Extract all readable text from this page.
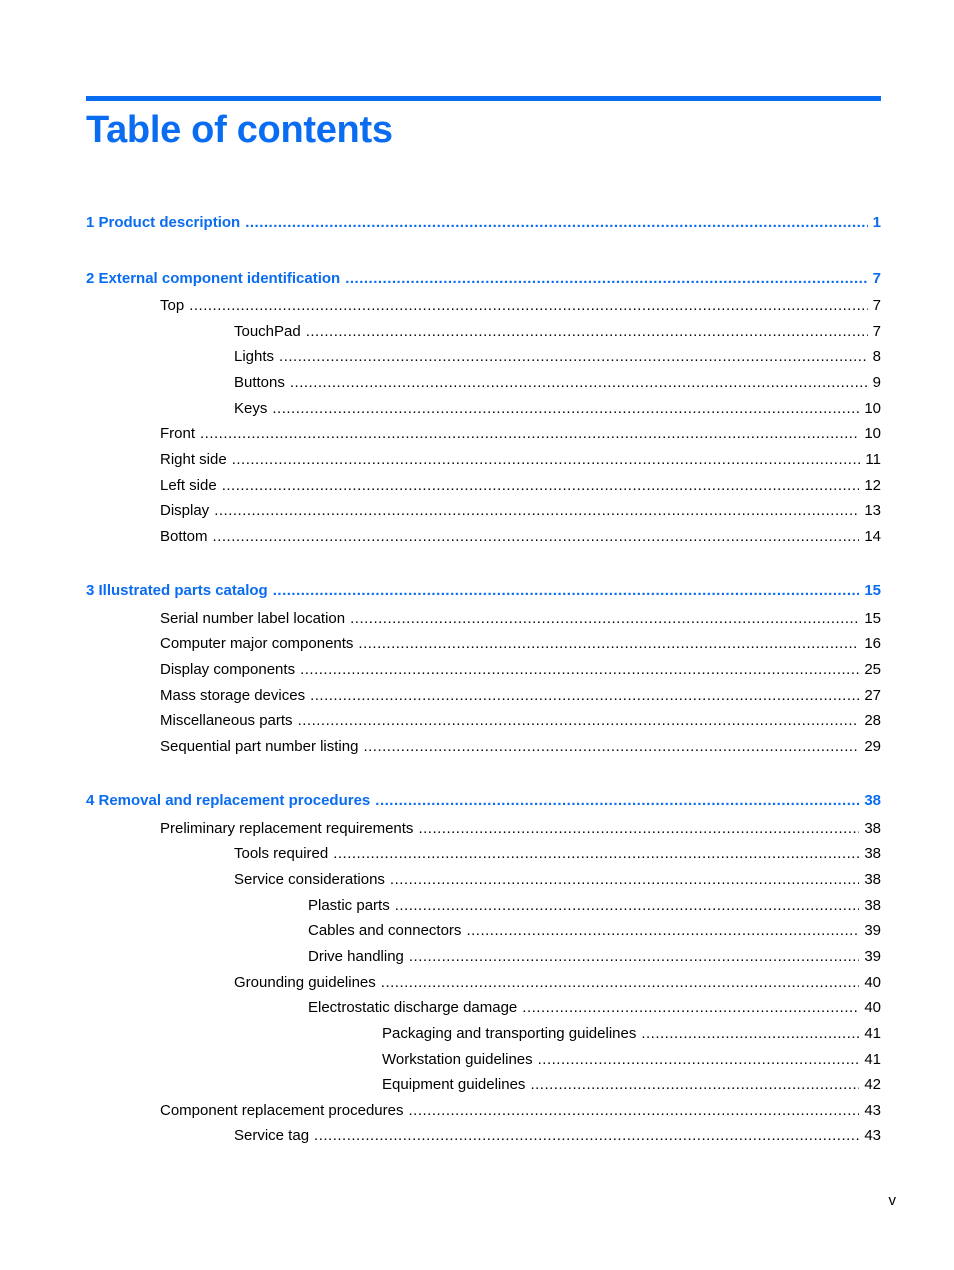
Table of contents
1 Product description .....	1
2 External component identification .....	7
Top .....	7
TouchPad .....	7
Lights .....	8
Buttons .....	9
Keys .....	10
Front .....	10
Right side .....	11
Left side .....	12
Display .....	13
Bottom .....	14
3 Illustrated parts catalog .....	15
Serial number label location .....	15
Computer major components .....	16
Display components .....	25
Mass storage devices .....	27
Miscellaneous parts .....	28
Sequential part number listing .....	29
4 Removal and replacement procedures .....	38
Preliminary replacement requirements .....	38
Tools required .....	38
Service considerations .....	38
Plastic parts .....	38
Cables and connectors .....	39
Drive handling .....	39
Grounding guidelines .....	40
Electrostatic discharge damage .....	40
Packaging and transporting guidelines .....	41
Workstation guidelines .....	41
Equipment guidelines .....	42
Component replacement procedures .....	43
Service tag .....	43
v
